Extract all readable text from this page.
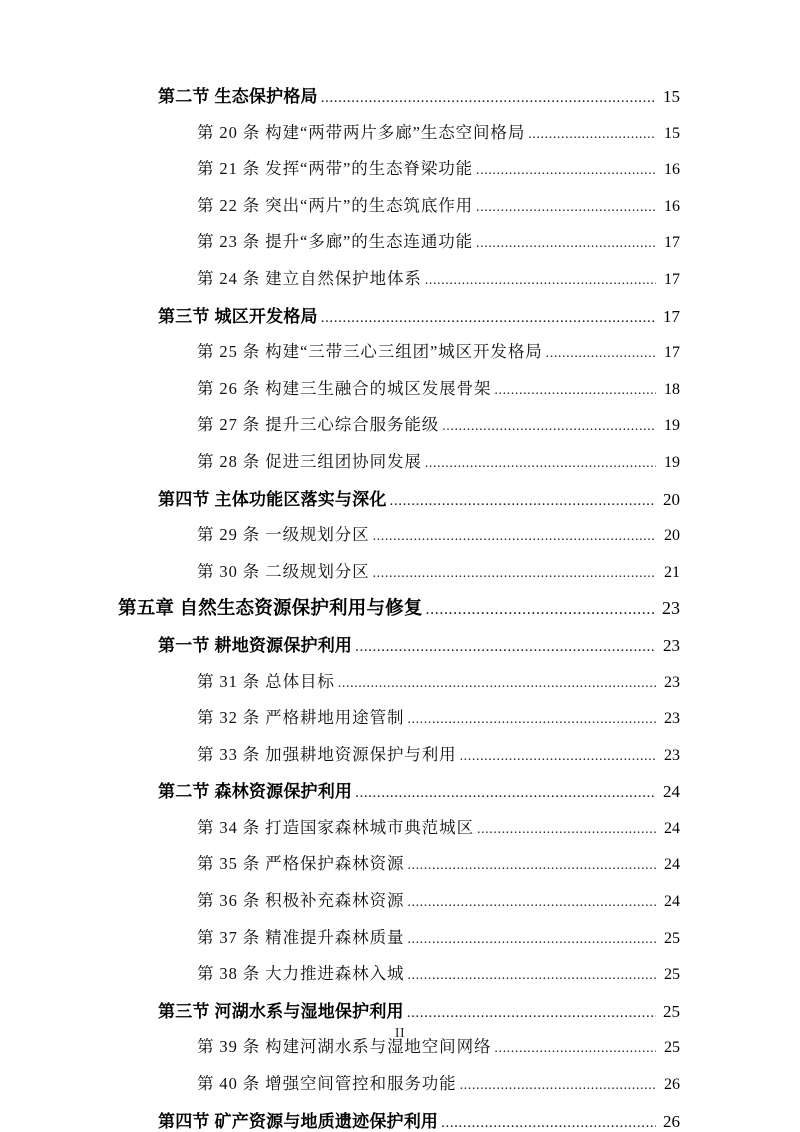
第二节 生态保护格局 .....	15
第 20 条 构建“两带两片多廊”生态空间格局 .....	15
第 21 条 发挥“两带”的生态脊梁功能 .....	16
第 22 条 突出“两片”的生态筑底作用 .....	16
第 23 条 提升“多廊”的生态连通功能 .....	17
第 24 条 建立自然保护地体系 .....	17
第三节 城区开发格局 .....	17
第 25 条 构建“三带三心三组团”城区开发格局 .....	17
第 26 条 构建三生融合的城区发展骨架 .....	18
第 27 条 提升三心综合服务能级 .....	19
第 28 条 促进三组团协同发展 .....	19
第四节 主体功能区落实与深化 .....	20
第 29 条 一级规划分区 .....	20
第 30 条 二级规划分区 .....	21
第五章 自然生态资源保护利用与修复 .....	23
第一节 耕地资源保护利用 .....	23
第 31 条 总体目标 .....	23
第 32 条 严格耕地用途管制 .....	23
第 33 条 加强耕地资源保护与利用 .....	23
第二节 森林资源保护利用 .....	24
第 34 条 打造国家森林城市典范城区 .....	24
第 35 条 严格保护森林资源 .....	24
第 36 条 积极补充森林资源 .....	24
第 37 条 精准提升森林质量 .....	25
第 38 条 大力推进森林入城 .....	25
第三节 河湖水系与湿地保护利用 .....	25
第 39 条 构建河湖水系与湿地空间网络 .....	25
第 40 条 增强空间管控和服务功能 .....	26
第四节 矿产资源与地质遗迹保护利用 .....	26
II
